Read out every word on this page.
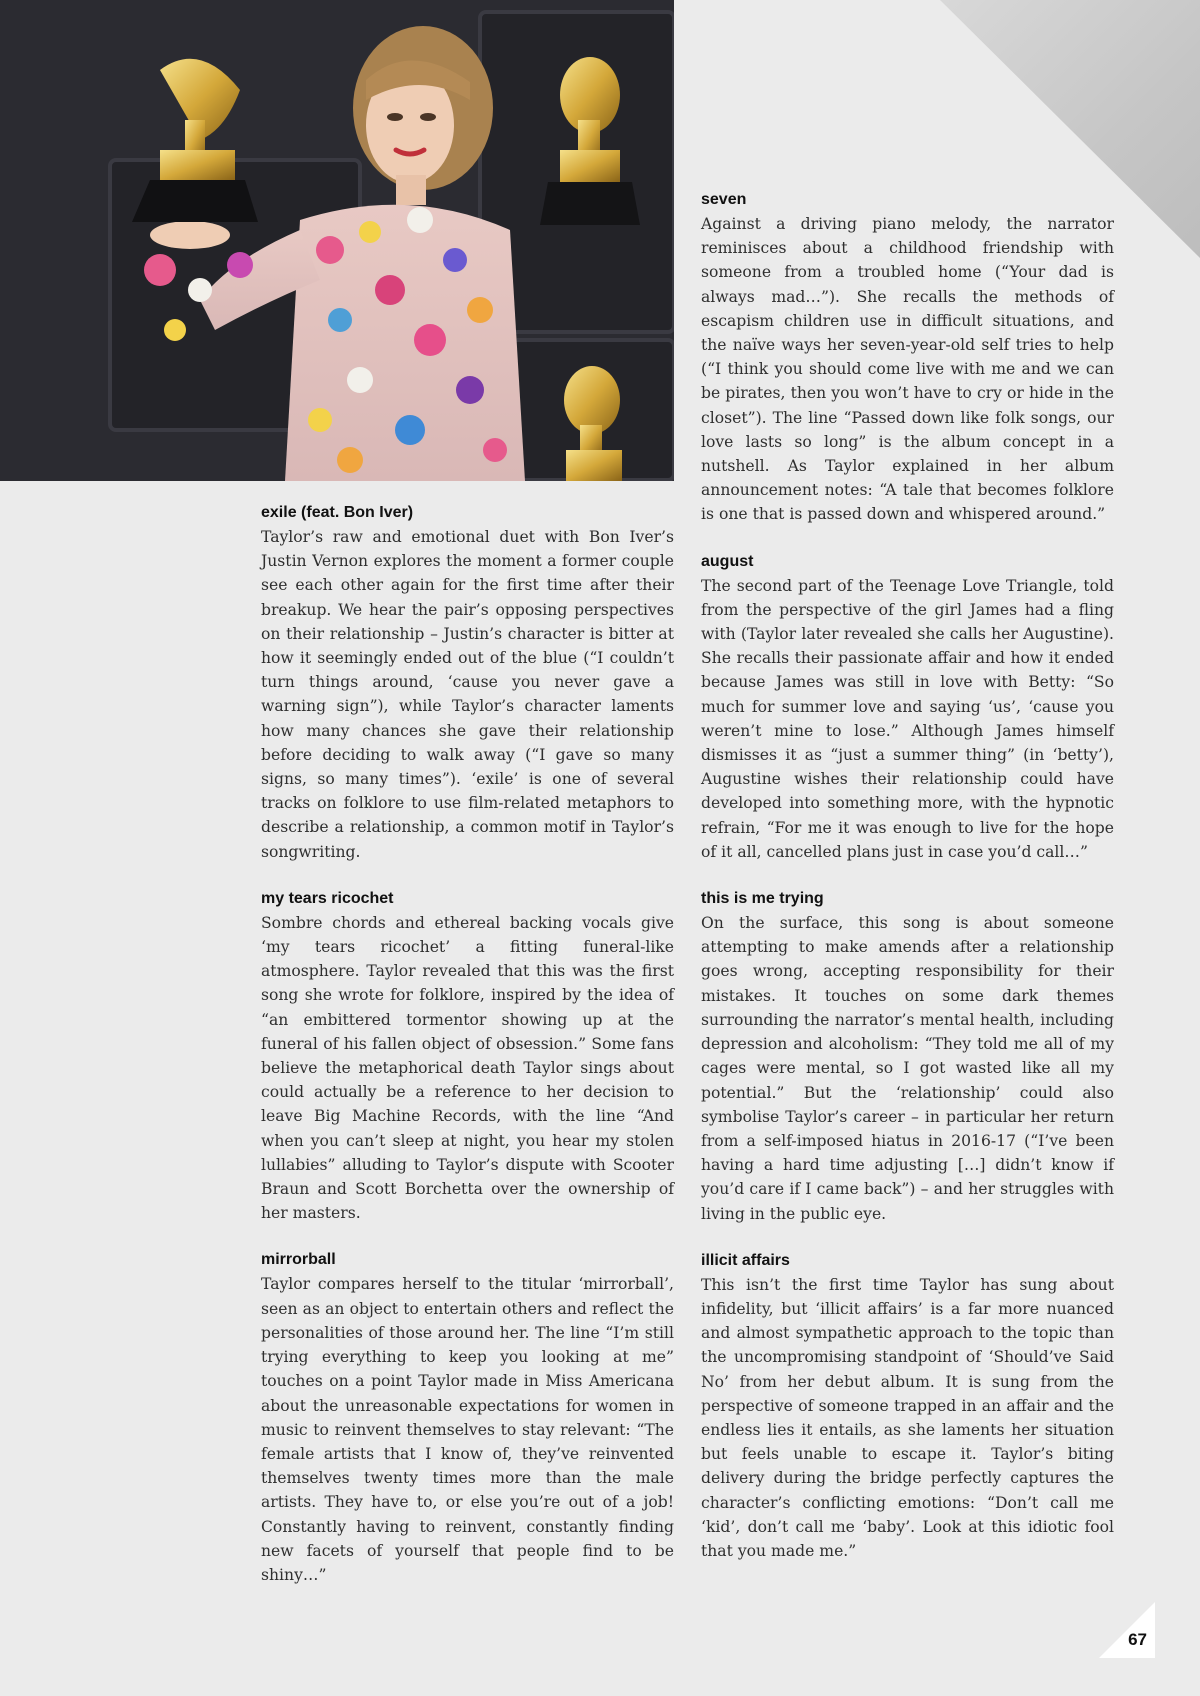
exile (feat. Bon Iver)

Taylor’s raw and emotional duet with Bon Iver’s Justin Vernon explores the moment a former couple see each other again for the first time after their breakup. We hear the pair’s opposing perspectives on their relationship – Justin’s character is bitter at how it seemingly ended out of the blue (“I couldn’t turn things around, ‘cause you never gave a warning sign”), while Taylor’s character laments how many chances she gave their relationship before deciding to walk away (“I gave so many signs, so many times”). ‘exile’ is one of several tracks on folklore to use film-related metaphors to describe a relationship, a common motif in Taylor’s songwriting.

my tears ricochet

Sombre chords and ethereal backing vocals give ‘my tears ricochet’ a fitting funeral-like atmosphere. Taylor revealed that this was the first song she wrote for folklore, inspired by the idea of “an embittered tormentor showing up at the funeral of his fallen object of obsession.” Some fans believe the metaphorical death Taylor sings about could actually be a reference to her decision to leave Big Machine Records, with the line “And when you can’t sleep at night, you hear my stolen lullabies” alluding to Taylor’s dispute with Scooter Braun and Scott Borchetta over the ownership of her masters.

mirrorball

Taylor compares herself to the titular ‘mirrorball’, seen as an object to entertain others and reflect the personalities of those around her. The line “I’m still trying everything to keep you looking at me” touches on a point Taylor made in Miss Americana about the unreasonable expectations for women in music to reinvent themselves to stay relevant: “The female artists that I know of, they’ve reinvented themselves twenty times more than the male artists. They have to, or else you’re out of a job! Constantly having to reinvent, constantly finding new facets of yourself that people find to be shiny…”

seven

Against a driving piano melody, the narrator reminisces about a childhood friendship with someone from a troubled home (“Your dad is always mad…”). She recalls the methods of escapism children use in difficult situations, and the naïve ways her seven-year-old self tries to help (“I think you should come live with me and we can be pirates, then you won’t have to cry or hide in the closet”). The line “Passed down like folk songs, our love lasts so long” is the album concept in a nutshell. As Taylor explained in her album announcement notes: “A tale that becomes folklore is one that is passed down and whispered around.”

august

The second part of the Teenage Love Triangle, told from the perspective of the girl James had a fling with (Taylor later revealed she calls her Augustine). She recalls their passionate affair and how it ended because James was still in love with Betty: “So much for summer love and saying ‘us’, ‘cause you weren’t mine to lose.” Although James himself dismisses it as “just a summer thing” (in ‘betty’), Augustine wishes their relationship could have developed into something more, with the hypnotic refrain, “For me it was enough to live for the hope of it all, cancelled plans just in case you’d call…”

this is me trying

On the surface, this song is about someone attempting to make amends after a relationship goes wrong, accepting responsibility for their mistakes. It touches on some dark themes surrounding the narrator’s mental health, including depression and alcoholism: “They told me all of my cages were mental, so I got wasted like all my potential.” But the ‘relationship’ could also symbolise Taylor’s career – in particular her return from a self-imposed hiatus in 2016-17 (“I’ve been having a hard time adjusting […] didn’t know if you’d care if I came back”) – and her struggles with living in the public eye.

illicit affairs

This isn’t the first time Taylor has sung about infidelity, but ‘illicit affairs’ is a far more nuanced and almost sympathetic approach to the topic than the uncompromising standpoint of ‘Should’ve Said No’ from her debut album. It is sung from the perspective of someone trapped in an affair and the endless lies it entails, as she laments her situation but feels unable to escape it. Taylor’s biting delivery during the bridge perfectly captures the character’s conflicting emotions: “Don’t call me ‘kid’, don’t call me ‘baby’. Look at this idiotic fool that you made me.”

67
